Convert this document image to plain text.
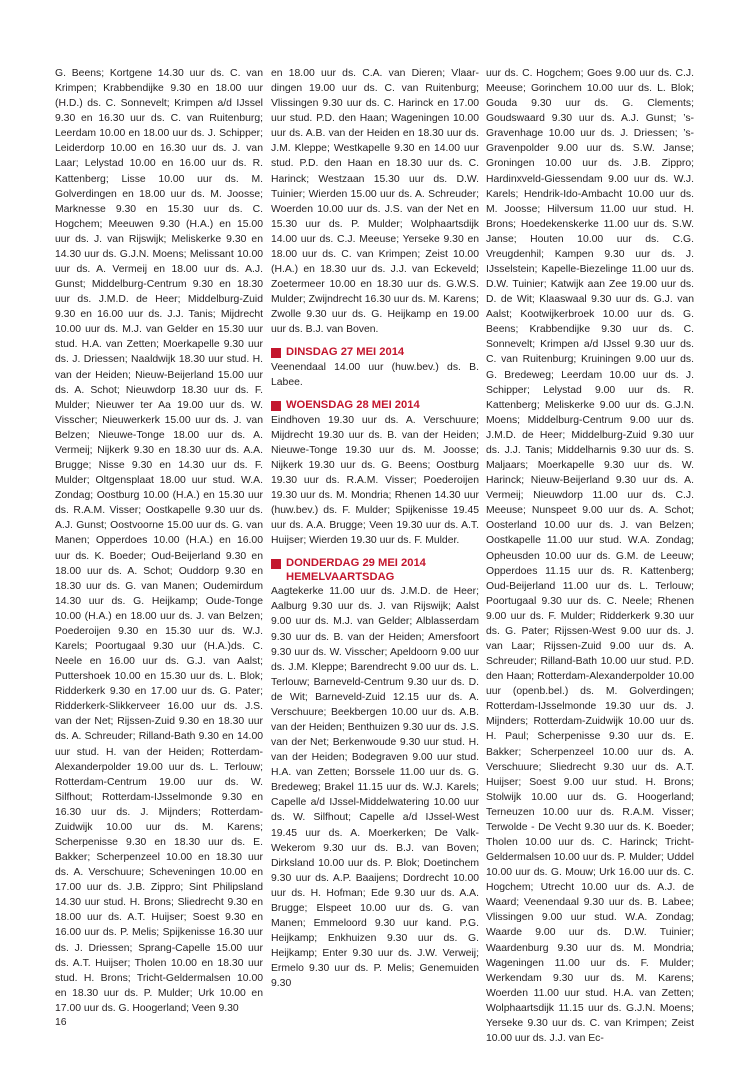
G. Beens; Kortgene 14.30 uur ds. C. van Krimpen; Krabbendijke 9.30 en 18.00 uur (H.D.) ds. C. Sonnevelt; Krimpen a/d IJssel 9.30 en 16.30 uur ds. C. van Ruitenburg; Leerdam 10.00 en 18.00 uur ds. J. Schipper; Leiderdorp 10.00 en 16.30 uur ds. J. van Laar; Lelystad 10.00 en 16.00 uur ds. R. Kattenberg; Lisse 10.00 uur ds. M. Golverdingen en 18.00 uur ds. M. Joosse; Marknesse 9.30 en 15.30 uur ds. C. Hogchem; Meeuwen 9.30 (H.A.) en 15.00 uur ds. J. van Rijswijk; Meliskerke 9.30 en 14.30 uur ds. G.J.N. Moens; Melissant 10.00 uur ds. A. Vermeij en 18.00 uur ds. A.J. Gunst; Middelburg-Centrum 9.30 en 18.30 uur ds. J.M.D. de Heer; Middelburg-Zuid 9.30 en 16.00 uur ds. J.J. Tanis; Mijdrecht 10.00 uur ds. M.J. van Gelder en 15.30 uur stud. H.A. van Zetten; Moerkapelle 9.30 uur ds. J. Driessen; Naaldwijk 18.30 uur stud. H. van der Heiden; Nieuw-Beijerland 15.00 uur ds. A. Schot; Nieuwdorp 18.30 uur ds. F. Mulder; Nieuwer ter Aa 19.00 uur ds. W. Visscher; Nieuwerkerk 15.00 uur ds. J. van Belzen; Nieuwe-Tonge 18.00 uur ds. A. Vermeij; Nijkerk 9.30 en 18.30 uur ds. A.A. Brugge; Nisse 9.30 en 14.30 uur ds. F. Mulder; Oltgensplaat 18.00 uur stud. W.A. Zondag; Oostburg 10.00 (H.A.) en 15.30 uur ds. R.A.M. Visser; Oostkapelle 9.30 uur ds. A.J. Gunst; Oostvoorne 15.00 uur ds. G. van Manen; Opperdoes 10.00 (H.A.) en 16.00 uur ds. K. Boeder; Oud-Beijerland 9.30 en 18.00 uur ds. A. Schot; Ouddorp 9.30 en 18.30 uur ds. G. van Manen; Oudemirdum 14.30 uur ds. G. Heijkamp; Oude-Tonge 10.00 (H.A.) en 18.00 uur ds. J. van Belzen; Poederoijen 9.30 en 15.30 uur ds. W.J. Karels; Poortugaal 9.30 uur (H.A.)ds. C. Neele en 16.00 uur ds. G.J. van Aalst; Puttershoek 10.00 en 15.30 uur ds. L. Blok; Ridderkerk 9.30 en 17.00 uur ds. G. Pater; Ridderkerk-Slikkerveer 16.00 uur ds. J.S. van der Net; Rijssen-Zuid 9.30 en 18.30 uur ds. A. Schreuder; Rilland-Bath 9.30 en 14.00 uur stud. H. van der Heiden; Rotterdam-Alexanderpolder 19.00 uur ds. L. Terlouw; Rotterdam-Centrum 19.00 uur ds. W. Silfhout; Rotterdam-IJsselmonde 9.30 en 16.30 uur ds. J. Mijnders; Rotterdam-Zuidwijk 10.00 uur ds. M. Karens; Scherpenisse 9.30 en 18.30 uur ds. E. Bakker; Scherpenzeel 10.00 en 18.30 uur ds. A. Verschuure; Scheveningen 10.00 en 17.00 uur ds. J.B. Zippro; Sint Philipsland 14.30 uur stud. H. Brons; Sliedrecht 9.30 en 18.00 uur ds. A.T. Huijser; Soest 9.30 en 16.00 uur ds. P. Melis; Spijkenisse 16.30 uur ds. J. Driessen; Sprang-Capelle 15.00 uur ds. A.T. Huijser; Tholen 10.00 en 18.30 uur stud. H. Brons; Tricht-Geldermalsen 10.00 en 18.30 uur ds. P. Mulder; Urk 10.00 en 17.00 uur ds. G. Hoogerland; Veen 9.30

en 18.00 uur ds. C.A. van Dieren; Vlaardingen 19.00 uur ds. C. van Ruitenburg; Vlissingen 9.30 uur ds. C. Harinck en 17.00 uur stud. P.D. den Haan; Wageningen 10.00 uur ds. A.B. van der Heiden en 18.30 uur ds. J.M. Kleppe; Westkapelle 9.30 en 14.00 uur stud. P.D. den Haan en 18.30 uur ds. C. Harinck; Westzaan 15.30 uur ds. D.W. Tuinier; Wierden 15.00 uur ds. A. Schreuder; Woerden 10.00 uur ds. J.S. van der Net en 15.30 uur ds. P. Mulder; Wolphaartsdijk 14.00 uur ds. C.J. Meeuse; Yerseke 9.30 en 18.00 uur ds. C. van Krimpen; Zeist 10.00 (H.A.) en 18.30 uur ds. J.J. van Eckeveld; Zoetermeer 10.00 en 18.30 uur ds. G.W.S. Mulder; Zwijndrecht 16.30 uur ds. M. Karens; Zwolle 9.30 uur ds. G. Heijkamp en 19.00 uur ds. B.J. van Boven.

DINSDAG 27 MEI 2014

Veenendaal 14.00 uur (huw.bev.) ds. B. Labee.

WOENSDAG 28 MEI 2014

Eindhoven 19.30 uur ds. A. Verschuure; Mijdrecht 19.30 uur ds. B. van der Heiden; Nieuwe-Tonge 19.30 uur ds. M. Joosse; Nijkerk 19.30 uur ds. G. Beens; Oostburg 19.30 uur ds. R.A.M. Visser; Poederoijen 19.30 uur ds. M. Mondria; Rhenen 14.30 uur (huw.bev.) ds. F. Mulder; Spijkenisse 19.45 uur ds. A.A. Brugge; Veen 19.30 uur ds. A.T. Huijser; Wierden 19.30 uur ds. F. Mulder.

DONDERDAG 29 MEI 2014
HEMELVAARTSDAG

Aagtekerke 11.00 uur ds. J.M.D. de Heer; Aalburg 9.30 uur ds. J. van Rijswijk; Aalst 9.00 uur ds. M.J. van Gelder; Alblasserdam 9.30 uur ds. B. van der Heiden; Amersfoort 9.30 uur ds. W. Visscher; Apeldoorn 9.00 uur ds. J.M. Kleppe; Barendrecht 9.00 uur ds. L. Terlouw; Barneveld-Centrum 9.30 uur ds. D. de Wit; Barneveld-Zuid 12.15 uur ds. A. Verschuure; Beekbergen 10.00 uur ds. A.B. van der Heiden; Benthuizen 9.30 uur ds. J.S. van der Net; Berkenwoude 9.30 uur stud. H. van der Heiden; Bodegraven 9.00 uur stud. H.A. van Zetten; Borssele 11.00 uur ds. G. Bredeweg; Brakel 11.15 uur ds. W.J. Karels; Capelle a/d IJssel-Middelwatering 10.00 uur ds. W. Silfhout; Capelle a/d IJssel-West 19.45 uur ds. A. Moerkerken; De Valk-Wekerom 9.30 uur ds. B.J. van Boven; Dirksland 10.00 uur ds. P. Blok; Doetinchem 9.30 uur ds. A.P. Baaijens; Dordrecht 10.00 uur ds. H. Hofman; Ede 9.30 uur ds. A.A. Brugge; Elspeet 10.00 uur ds. G. van Manen; Emmeloord 9.30 uur kand. P.G. Heijkamp; Enkhuizen 9.30 uur ds. G. Heijkamp; Enter 9.30 uur ds. J.W. Verweij; Ermelo 9.30 uur ds. P. Melis; Genemuiden 9.30

uur ds. C. Hogchem; Goes 9.00 uur ds. C.J. Meeuse; Gorinchem 10.00 uur ds. L. Blok; Gouda 9.30 uur ds. G. Clements; Goudswaard 9.30 uur ds. A.J. Gunst; ’s-Gravenhage 10.00 uur ds. J. Driessen; ’s-Gravenpolder 9.00 uur ds. S.W. Janse; Groningen 10.00 uur ds. J.B. Zippro; Hardinxveld-Giessendam 9.00 uur ds. W.J. Karels; Hendrik-Ido-Ambacht 10.00 uur ds. M. Joosse; Hilversum 11.00 uur stud. H. Brons; Hoedekenskerke 11.00 uur ds. S.W. Janse; Houten 10.00 uur ds. C.G. Vreugdenhil; Kampen 9.30 uur ds. J. IJsselstein; Kapelle-Biezelinge 11.00 uur ds. D.W. Tuinier; Katwijk aan Zee 19.00 uur ds. D. de Wit; Klaaswaal 9.30 uur ds. G.J. van Aalst; Kootwijkerbroek 10.00 uur ds. G. Beens; Krabbendijke 9.30 uur ds. C. Sonnevelt; Krimpen a/d IJssel 9.30 uur ds. C. van Ruitenburg; Kruiningen 9.00 uur ds. G. Bredeweg; Leerdam 10.00 uur ds. J. Schipper; Lelystad 9.00 uur ds. R. Kattenberg; Meliskerke 9.00 uur ds. G.J.N. Moens; Middelburg-Centrum 9.00 uur ds. J.M.D. de Heer; Middelburg-Zuid 9.30 uur ds. J.J. Tanis; Middelharnis 9.30 uur ds. S. Maljaars; Moerkapelle 9.30 uur ds. W. Harinck; Nieuw-Beijerland 9.30 uur ds. A. Vermeij; Nieuwdorp 11.00 uur ds. C.J. Meeuse; Nunspeet 9.00 uur ds. A. Schot; Oosterland 10.00 uur ds. J. van Belzen; Oostkapelle 11.00 uur stud. W.A. Zondag; Opheusden 10.00 uur ds. G.M. de Leeuw; Opperdoes 11.15 uur ds. R. Kattenberg; Oud-Beijerland 11.00 uur ds. L. Terlouw; Poortugaal 9.30 uur ds. C. Neele; Rhenen 9.00 uur ds. F. Mulder; Ridderkerk 9.30 uur ds. G. Pater; Rijssen-West 9.00 uur ds. J. van Laar; Rijssen-Zuid 9.00 uur ds. A. Schreuder; Rilland-Bath 10.00 uur stud. P.D. den Haan; Rotterdam-Alexanderpolder 10.00 uur (openb.bel.) ds. M. Golverdingen; Rotterdam-IJsselmonde 19.30 uur ds. J. Mijnders; Rotterdam-Zuidwijk 10.00 uur ds. H. Paul; Scherpenisse 9.30 uur ds. E. Bakker; Scherpenzeel 10.00 uur ds. A. Verschuure; Sliedrecht 9.30 uur ds. A.T. Huijser; Soest 9.00 uur stud. H. Brons; Stolwijk 10.00 uur ds. G. Hoogerland; Terneuzen 10.00 uur ds. R.A.M. Visser; Terwolde - De Vecht 9.30 uur ds. K. Boeder; Tholen 10.00 uur ds. C. Harinck; Tricht-Geldermalsen 10.00 uur ds. P. Mulder; Uddel 10.00 uur ds. G. Mouw; Urk 16.00 uur ds. C. Hogchem; Utrecht 10.00 uur ds. A.J. de Waard; Veenendaal 9.30 uur ds. B. Labee; Vlissingen 9.00 uur stud. W.A. Zondag; Waarde 9.00 uur ds. D.W. Tuinier; Waardenburg 9.30 uur ds. M. Mondria; Wageningen 11.00 uur ds. F. Mulder; Werkendam 9.30 uur ds. M. Karens; Woerden 11.00 uur stud. H.A. van Zetten; Wolphaartsdijk 11.15 uur ds. G.J.N. Moens; Yerseke 9.30 uur ds. C. van Krimpen; Zeist 10.00 uur ds. J.J. van Ec-

16
